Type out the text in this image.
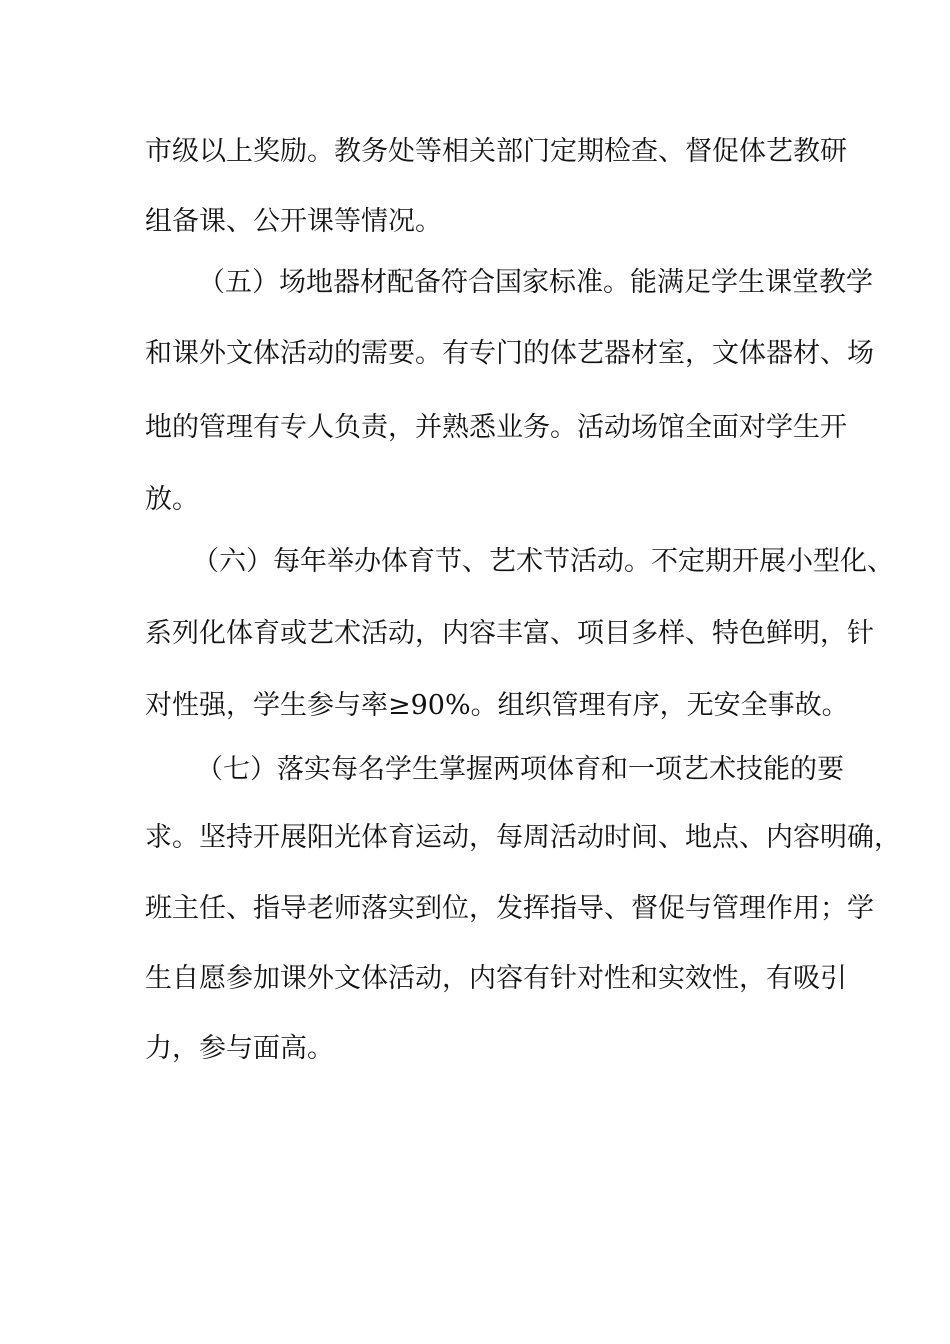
市级以上奖励。教务处等相关部门定期检查、督促体艺教研
组备课、公开课等情况。
（五）场地器材配备符合国家标准。能满足学生课堂教学
和课外文体活动的需要。有专门的体艺器材室，文体器材、场
地的管理有专人负责，并熟悉业务。活动场馆全面对学生开
放。
（六）每年举办体育节、艺术节活动。不定期开展小型化、
系列化体育或艺术活动，内容丰富、项目多样、特色鲜明，针
对性强，学生参与率≥90%。组织管理有序，无安全事故。
（七）落实每名学生掌握两项体育和一项艺术技能的要
求。坚持开展阳光体育运动，每周活动时间、地点、内容明确，
班主任、指导老师落实到位，发挥指导、督促与管理作用；学
生自愿参加课外文体活动，内容有针对性和实效性，有吸引
力，参与面高。
